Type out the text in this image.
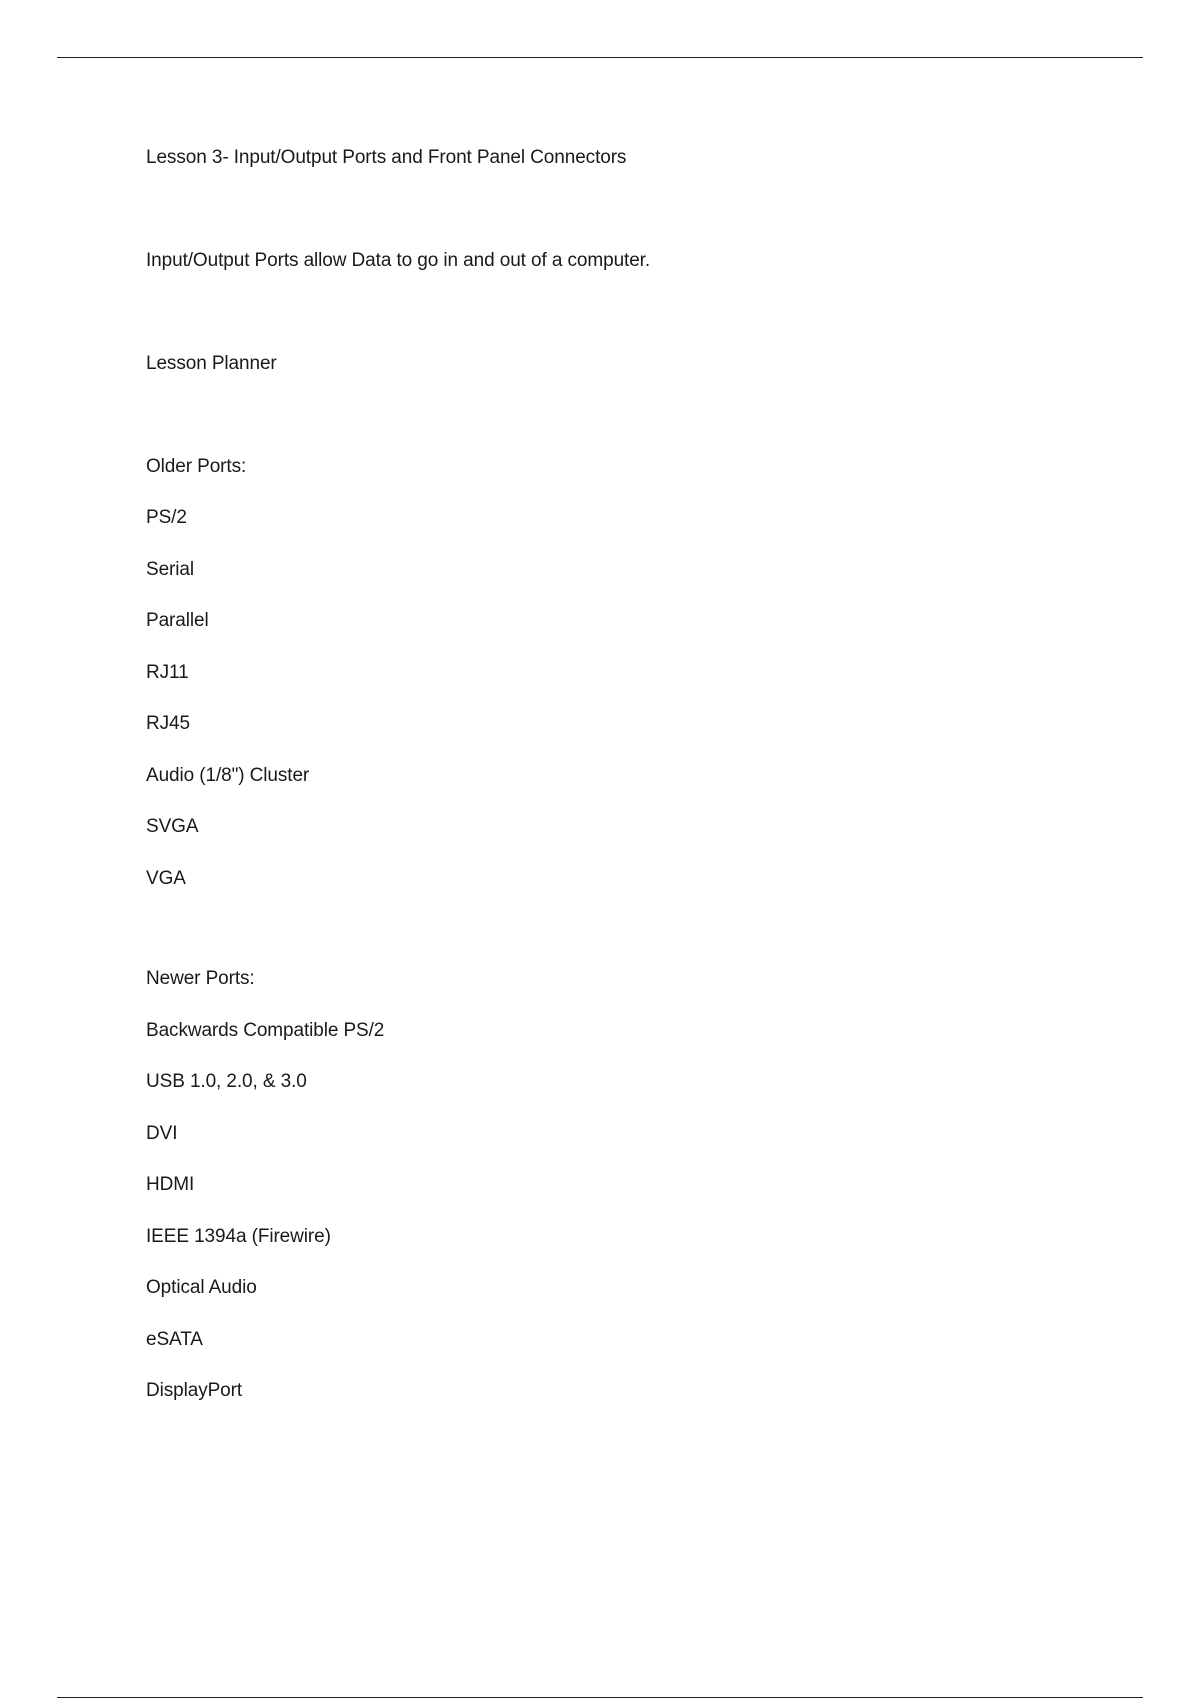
Lesson 3- Input/Output Ports and Front Panel Connectors
Input/Output Ports allow Data to go in and out of a computer.
Lesson Planner
Older Ports:
PS/2
Serial
Parallel
RJ11
RJ45
Audio (1/8") Cluster
SVGA
VGA
Newer Ports:
Backwards Compatible PS/2
USB 1.0, 2.0, & 3.0
DVI
HDMI
IEEE 1394a (Firewire)
Optical Audio
eSATA
DisplayPort
